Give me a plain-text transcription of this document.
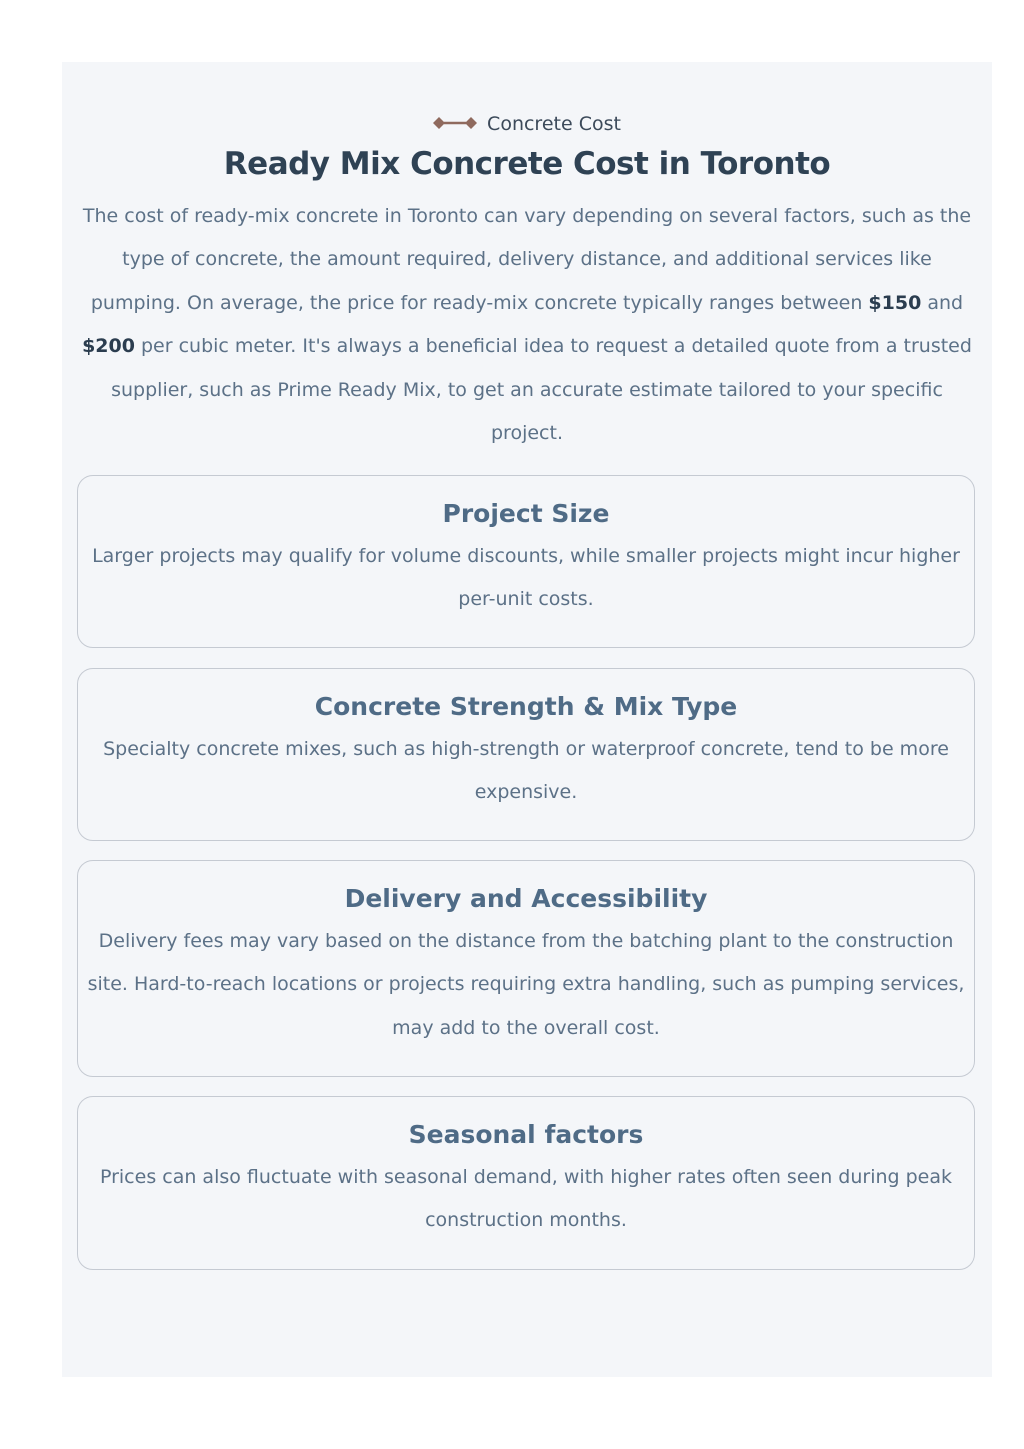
Concrete Cost
Ready Mix Concrete Cost in Toronto

The cost of ready-mix concrete in Toronto can vary depending on several factors, such as the type of concrete, the amount required, delivery distance, and additional services like pumping. On average, the price for ready-mix concrete typically ranges between $150 and $200 per cubic meter. It's always a beneficial idea to request a detailed quote from a trusted supplier, such as Prime Ready Mix, to get an accurate estimate tailored to your specific project.

Project Size

Larger projects may qualify for volume discounts, while smaller projects might incur higher per-unit costs.

Concrete Strength & Mix Type

Specialty concrete mixes, such as high-strength or waterproof concrete, tend to be more expensive.

Delivery and Accessibility

Delivery fees may vary based on the distance from the batching plant to the construction site. Hard-to-reach locations or projects requiring extra handling, such as pumping services, may add to the overall cost.

Seasonal factors

Prices can also fluctuate with seasonal demand, with higher rates often seen during peak construction months.
